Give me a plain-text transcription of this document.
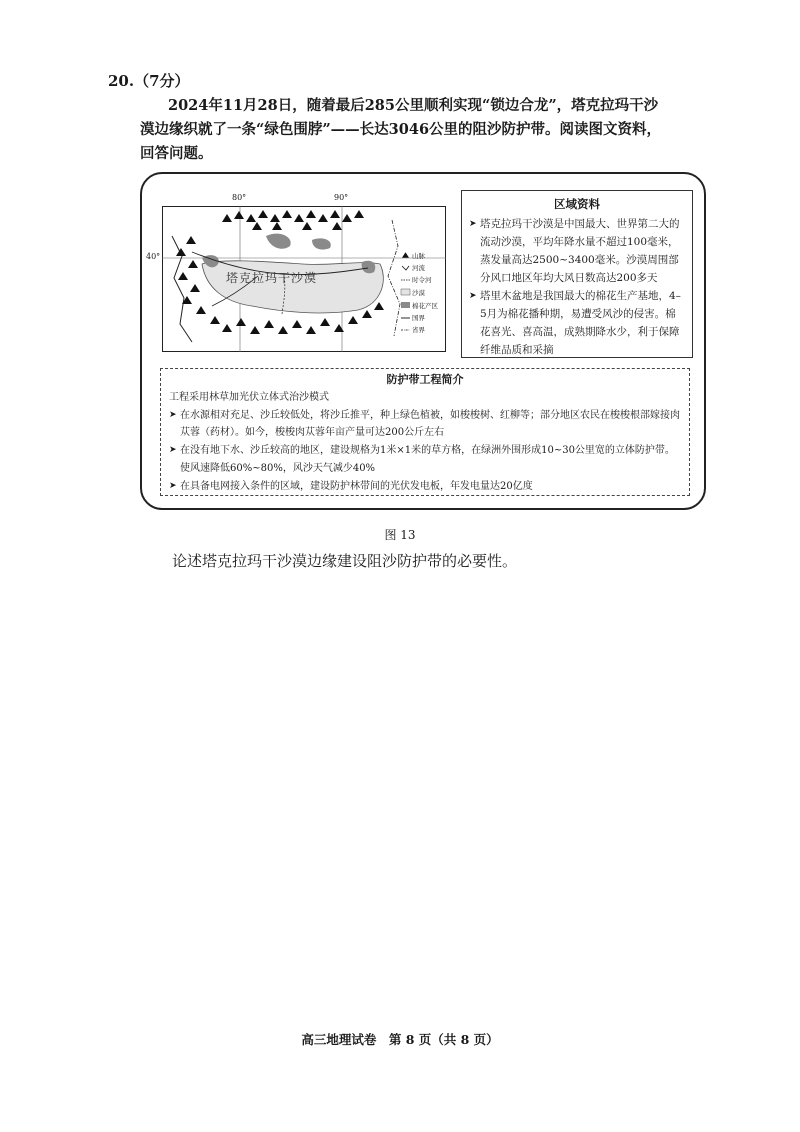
20.（7分）
2024年11月28日，随着最后285公里顺利实现“锁边合龙”，塔克拉玛干沙漠边缘织就了一条“绿色围脖”——长达3046公里的阻沙防护带。阅读图文资料，回答问题。
塔克拉玛干沙漠
山脉
河流
时令河
沙漠
棉花产区
国界
省界
80°	90°
40°
区域资料
➤ 塔克拉玛干沙漠是中国最大、世界第二大的流动沙漠，平均年降水量不超过100毫米，蒸发量高达2500~3400毫米。沙漠周围部分风口地区年均大风日数高达200多天
➤ 塔里木盆地是我国最大的棉花生产基地，4–5月为棉花播种期，易遭受风沙的侵害。棉花喜光、喜高温，成熟期降水少，利于保障纤维品质和采摘
防护带工程简介
工程采用林草加光伏立体式治沙模式
➤ 在水源相对充足、沙丘较低处，将沙丘推平，种上绿色植被，如梭梭树、红柳等；部分地区农民在梭梭根部嫁接肉苁蓉（药材）。如今，梭梭肉苁蓉年亩产量可达200公斤左右
➤ 在没有地下水、沙丘较高的地区，建设规格为1米×1米的草方格，在绿洲外围形成10~30公里宽的立体防护带。使风速降低60%~80%，风沙天气减少40%
➤ 在具备电网接入条件的区域，建设防护林带间的光伏发电板，年发电量达20亿度
图 13
论述塔克拉玛干沙漠边缘建设阻沙防护带的必要性。
高三地理试卷　第 8 页（共 8 页）
